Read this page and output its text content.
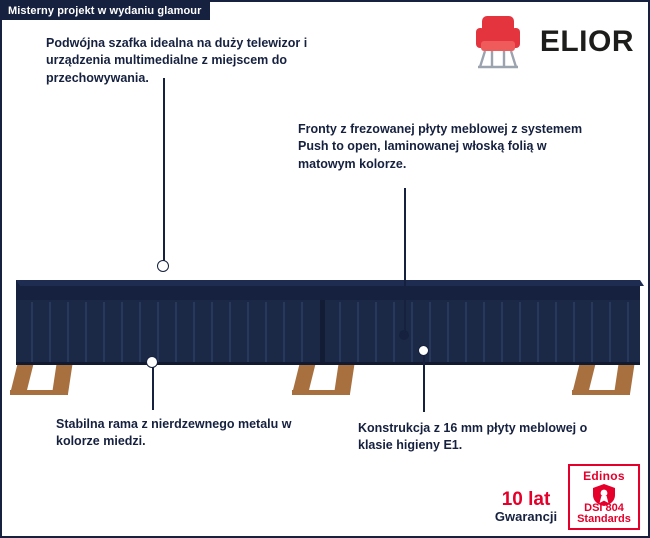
Misterny projekt w wydaniu glamour
ELIOR
Podwójna szafka idealna na duży telewizor i urządzenia multimedialne z miejscem do przechowywania.
Fronty z frezowanej płyty meblowej z systemem Push to open, laminowanej włoską folią w matowym kolorze.
Stabilna rama z nierdzewnego metalu w kolorze miedzi.
Konstrukcja z 16 mm płyty meblowej o klasie higieny E1.
10 lat
Gwarancji
Edinos
DSI 804
Standards
